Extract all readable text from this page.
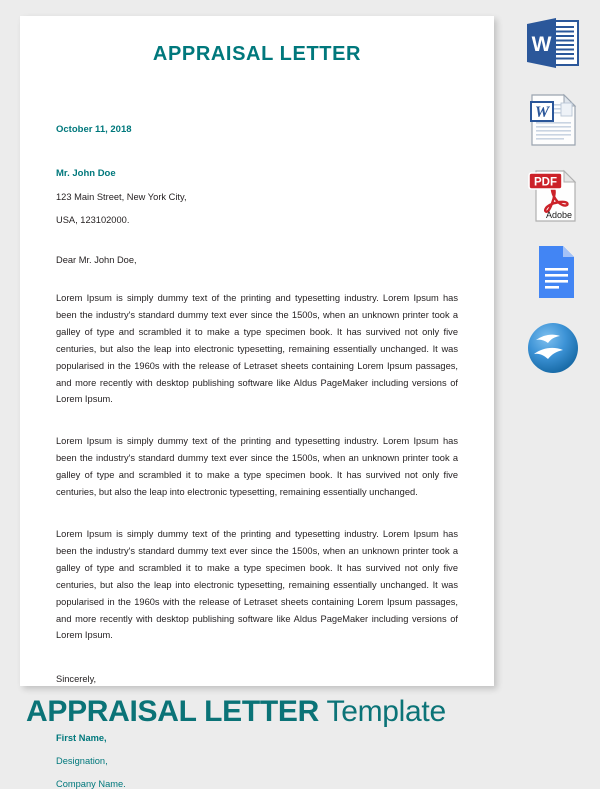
APPRAISAL LETTER
October 11, 2018
Mr. John Doe
123 Main Street, New York City,
USA, 123102000.
Dear Mr. John Doe,
Lorem Ipsum is simply dummy text of the printing and typesetting industry. Lorem Ipsum has been the industry's standard dummy text ever since the 1500s, when an unknown printer took a galley of type and scrambled it to make a type specimen book. It has survived not only five centuries, but also the leap into electronic typesetting, remaining essentially unchanged. It was popularised in the 1960s with the release of Letraset sheets containing Lorem Ipsum passages, and more recently with desktop publishing software like Aldus PageMaker including versions of Lorem Ipsum.
Lorem Ipsum is simply dummy text of the printing and typesetting industry. Lorem Ipsum has been the industry's standard dummy text ever since the 1500s, when an unknown printer took a galley of type and scrambled it to make a type specimen book. It has survived not only five centuries, but also the leap into electronic typesetting, remaining essentially unchanged.
Lorem Ipsum is simply dummy text of the printing and typesetting industry. Lorem Ipsum has been the industry's standard dummy text ever since the 1500s, when an unknown printer took a galley of type and scrambled it to make a type specimen book. It has survived not only five centuries, but also the leap into electronic typesetting, remaining essentially unchanged. It was popularised in the 1960s with the release of Letraset sheets containing Lorem Ipsum passages, and more recently with desktop publishing software like Aldus PageMaker including versions of Lorem Ipsum.
Sincerely,
First Name,
Designation,
Company Name.
W
W
PDF
Adobe
APPRAISAL LETTER Template
